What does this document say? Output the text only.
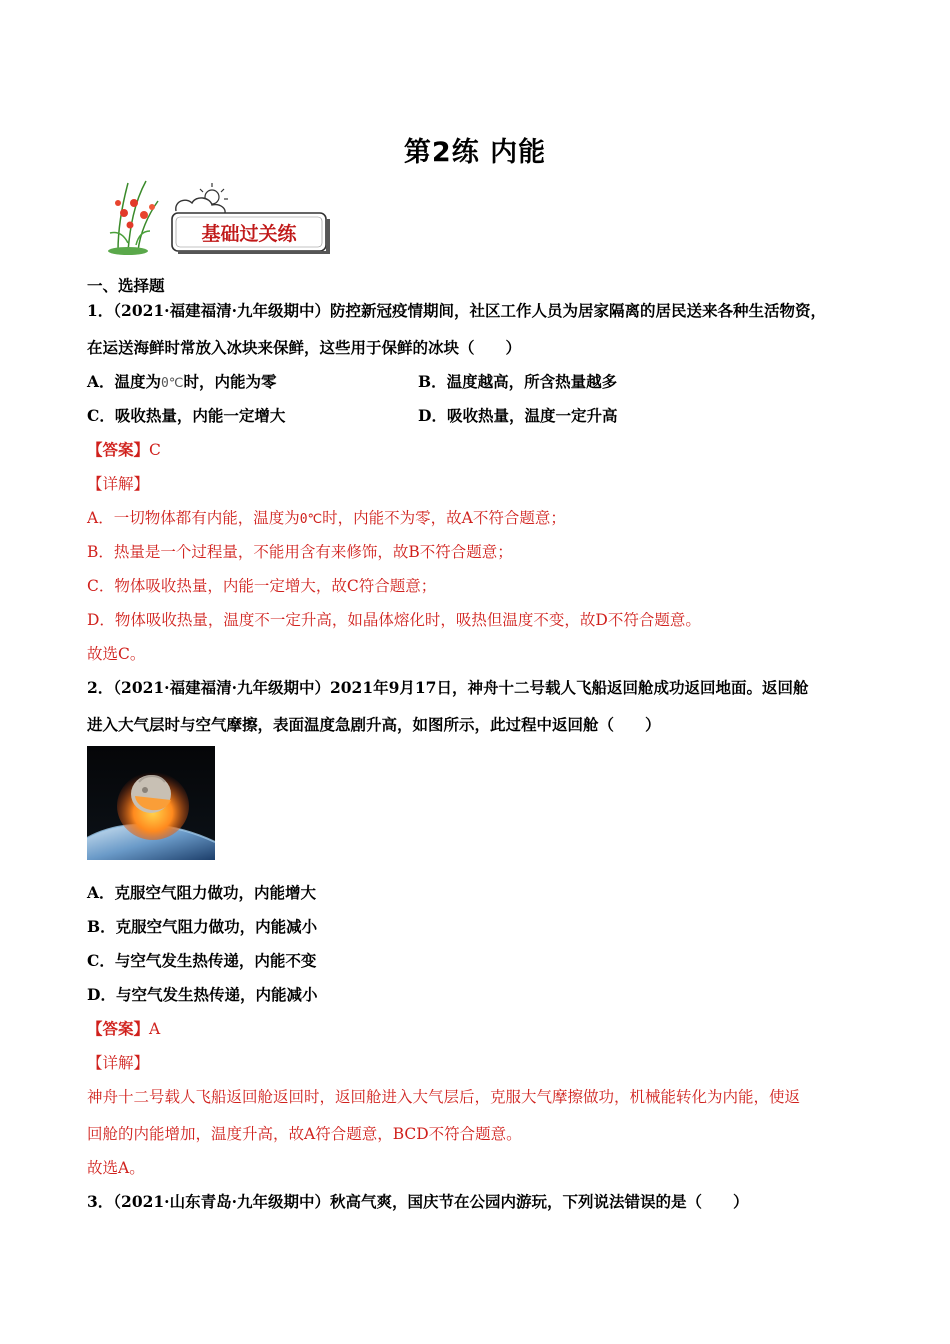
第2练 内能
基础过关练
一、选择题
1．（2021·福建福清·九年级期中）防控新冠疫情期间，社区工作人员为居家隔离的居民送来各种生活物资，
在运送海鲜时常放入冰块来保鲜，这些用于保鲜的冰块（　　）
A．温度为0℃时，内能为零	B．温度越高，所含热量越多
C．吸收热量，内能一定增大	D．吸收热量，温度一定升高
【答案】C
【详解】
A．一切物体都有内能，温度为0℃时，内能不为零，故A不符合题意；
B．热量是一个过程量，不能用含有来修饰，故B不符合题意；
C．物体吸收热量，内能一定增大，故C符合题意；
D．物体吸收热量，温度不一定升高，如晶体熔化时，吸热但温度不变，故D不符合题意。
故选C。
2．（2021·福建福清·九年级期中）2021年9月17日，神舟十二号载人飞船返回舱成功返回地面。返回舱
进入大气层时与空气摩擦，表面温度急剧升高，如图所示，此过程中返回舱（　　）
A．克服空气阻力做功，内能增大
B．克服空气阻力做功，内能减小
C．与空气发生热传递，内能不变
D．与空气发生热传递，内能减小
【答案】A
【详解】
神舟十二号载人飞船返回舱返回时，返回舱进入大气层后，克服大气摩擦做功，机械能转化为内能，使返
回舱的内能增加，温度升高，故A符合题意，BCD不符合题意。
故选A。
3．（2021·山东青岛·九年级期中）秋高气爽，国庆节在公园内游玩，下列说法错误的是（　　）
